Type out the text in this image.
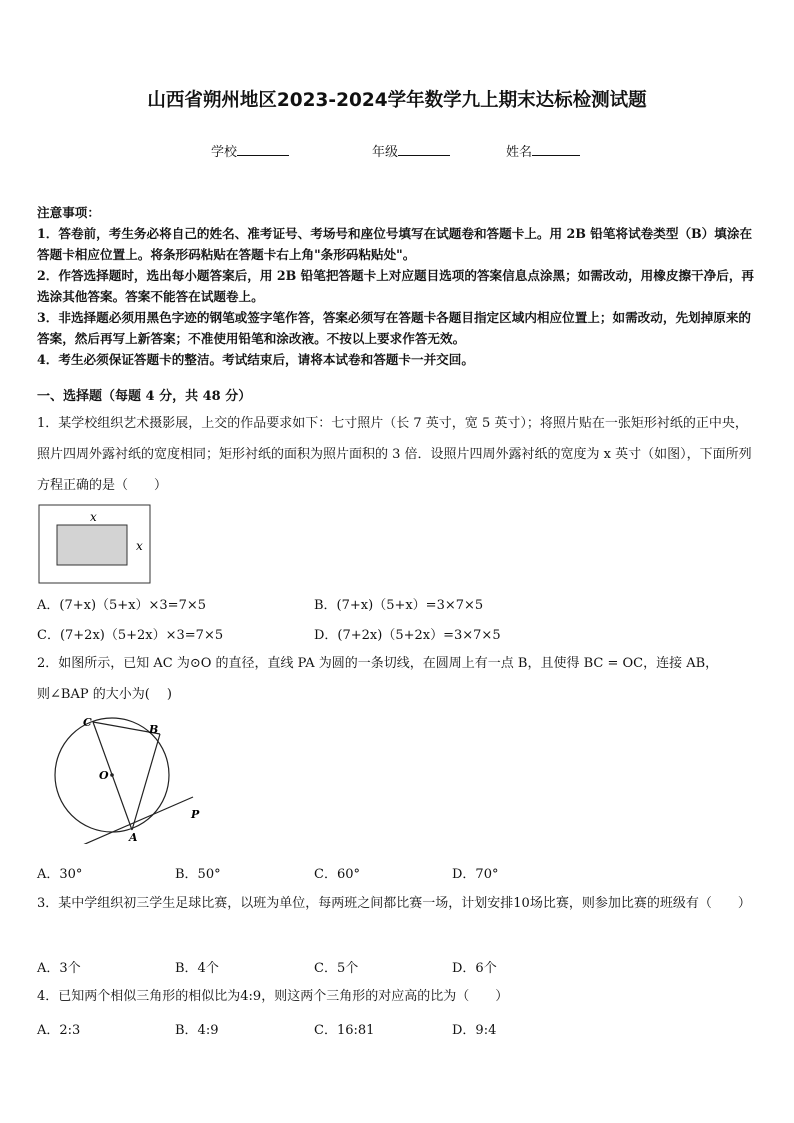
山西省朔州地区2023-2024学年数学九上期末达标检测试题
学校	年级	姓名

注意事项：

1．答卷前，考生务必将自己的姓名、准考证号、考场号和座位号填写在试题卷和答题卡上。用 2B 铅笔将试卷类型（B）填涂在答题卡相应位置上。将条形码粘贴在答题卡右上角"条形码粘贴处"。

2．作答选择题时，选出每小题答案后，用 2B 铅笔把答题卡上对应题目选项的答案信息点涂黑；如需改动，用橡皮擦干净后，再选涂其他答案。答案不能答在试题卷上。

3．非选择题必须用黑色字迹的钢笔或签字笔作答，答案必须写在答题卡各题目指定区域内相应位置上；如需改动，先划掉原来的答案，然后再写上新答案；不准使用铅笔和涂改液。不按以上要求作答无效。

4．考生必须保证答题卡的整洁。考试结束后，请将本试卷和答题卡一并交回。

一、选择题（每题 4 分，共 48 分）
1．某学校组织艺术摄影展，上交的作品要求如下：七寸照片（长 7 英寸，宽 5 英寸）；将照片贴在一张矩形衬纸的正中央，照片四周外露衬纸的宽度相同；矩形衬纸的面积为照片面积的 3 倍．设照片四周外露衬纸的宽度为 x 英寸（如图），下面所列方程正确的是（　　）
x
x
A．(7+x)（5+x）×3=7×5	B．(7+x)（5+x）=3×7×5
C．(7+2x)（5+2x）×3=7×5	D．(7+2x)（5+2x）=3×7×5

2．如图所示，已知 AC 为⊙O 的直径，直线 PA 为圆的一条切线，在圆周上有一点 B，且使得 BC = OC，连接 AB，

则∠BAP 的大小为(　 )

C
B
O
A
P
A．30°	B．50°	C．60°	D．70°
3．某中学组织初三学生足球比赛，以班为单位，每两班之间都比赛一场，计划安排10场比赛，则参加比赛的班级有（　　）
A．3个	B．4个	C．5个	D．6个
4．已知两个相似三角形的相似比为4:9，则这两个三角形的对应高的比为（　　）
A．2:3	B．4:9	C．16:81	D．9:4
